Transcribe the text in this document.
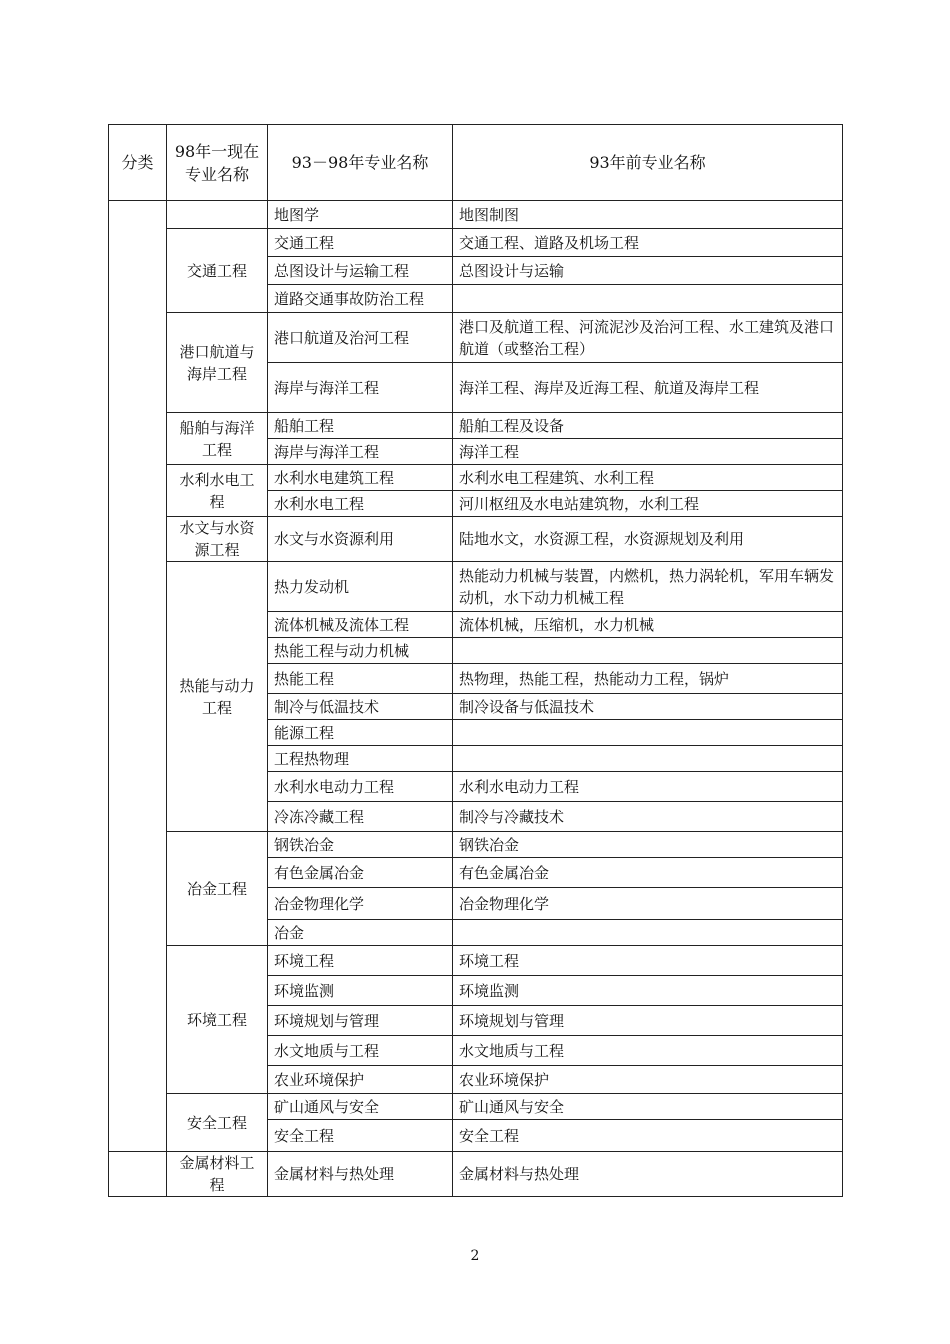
分类	98年一现在专业名称	93－98年专业名称	93年前专业名称
		地图学	地图制图
	交通工程	交通工程	交通工程、道路及机场工程
		总图设计与运输工程	总图设计与运输
		道路交通事故防治工程	
	港口航道与海岸工程	港口航道及治河工程	港口及航道工程、河流泥沙及治河工程、水工建筑及港口航道（或整治工程）
		海岸与海洋工程	海洋工程、海岸及近海工程、航道及海岸工程
	船舶与海洋工程	船舶工程	船舶工程及设备
		海岸与海洋工程	海洋工程
	水利水电工程	水利水电建筑工程	水利水电工程建筑、水利工程
		水利水电工程	河川枢纽及水电站建筑物，水利工程
	水文与水资源工程	水文与水资源利用	陆地水文，水资源工程，水资源规划及利用
	热能与动力工程	热力发动机	热能动力机械与装置，内燃机，热力涡轮机，军用车辆发动机，水下动力机械工程
		流体机械及流体工程	流体机械，压缩机，水力机械
		热能工程与动力机械	
		热能工程	热物理，热能工程，热能动力工程，锅炉
		制冷与低温技术	制冷设备与低温技术
		能源工程	
		工程热物理	
		水利水电动力工程	水利水电动力工程
		冷冻冷藏工程	制冷与冷藏技术
	冶金工程	钢铁冶金	钢铁冶金
		有色金属冶金	有色金属冶金
		冶金物理化学	冶金物理化学
		冶金	
	环境工程	环境工程	环境工程
		环境监测	环境监测
		环境规划与管理	环境规划与管理
		水文地质与工程	水文地质与工程
		农业环境保护	农业环境保护
	安全工程	矿山通风与安全	矿山通风与安全
		安全工程	安全工程
	金属材料工程	金属材料与热处理	金属材料与热处理
2
